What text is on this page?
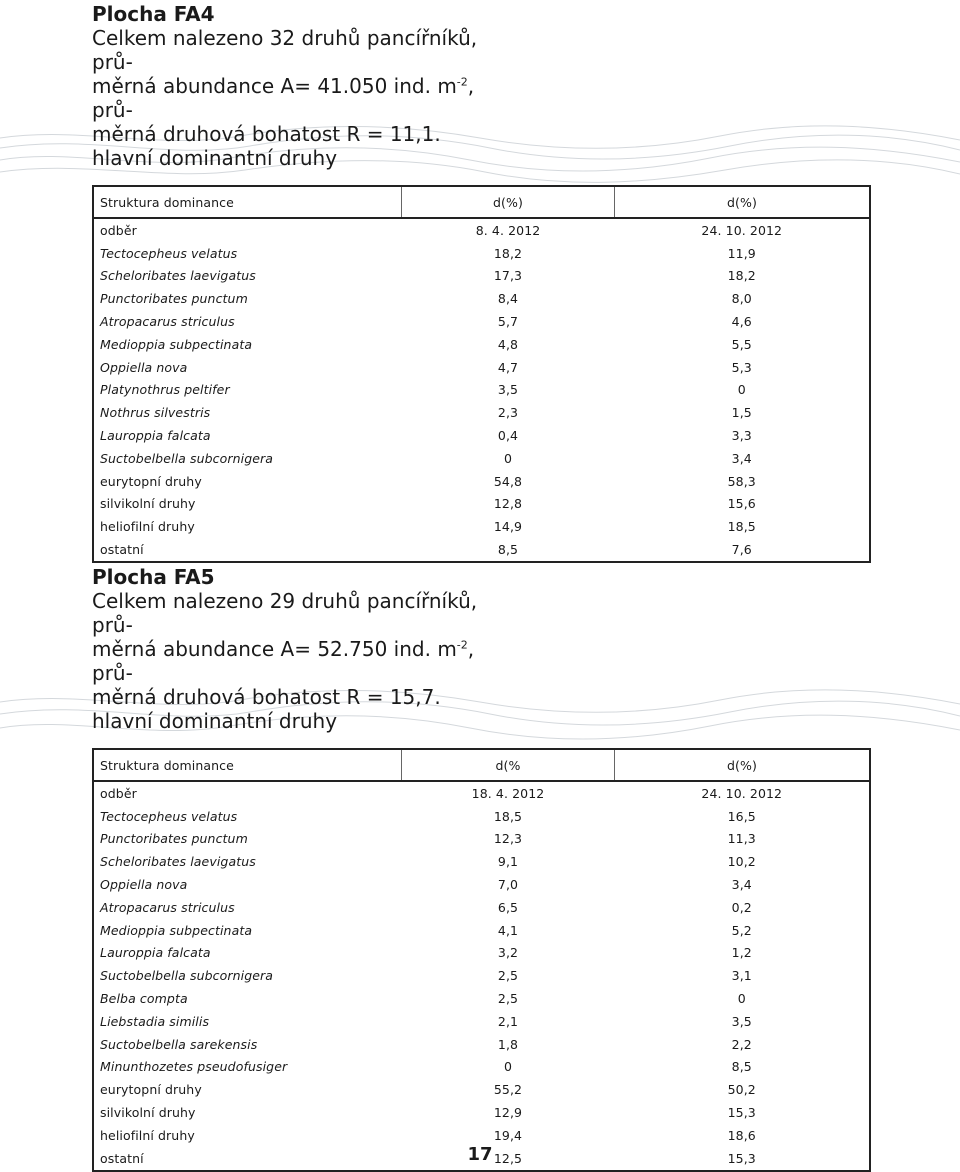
Plocha FA4

Celkem nalezeno 32 druhů pancířníků, prů-
měrná abundance A= 41.050 ind. $m^{-2}$, prů-
měrná druhová bohatost R = 11,1.
hlavní dominantní druhy

Struktura dominance	d(%)	d(%)
odběr	8. 4. 2012	24. 10. 2012
Tectocepheus velatus	18,2	11,9
Scheloribates laevigatus	17,3	18,2
Punctoribates punctum	8,4	8,0
Atropacarus striculus	5,7	4,6
Medioppia subpectinata	4,8	5,5
Oppiella nova	4,7	5,3
Platynothrus peltifer	3,5	0
Nothrus silvestris	2,3	1,5
Lauroppia falcata	0,4	3,3
Suctobelbella subcornigera	0	3,4
eurytopní druhy	54,8	58,3
silvikolní druhy	12,8	15,6
heliofilní druhy	14,9	18,5
ostatní	8,5	7,6
Plocha FA5

Celkem nalezeno 29 druhů pancířníků, prů-
měrná abundance A= 52.750 ind. $m^{-2}$, prů-
měrná druhová bohatost R = 15,7.
hlavní dominantní druhy

Struktura dominance	d(%	d(%)
odběr	18. 4. 2012	24. 10. 2012
Tectocepheus velatus	18,5	16,5
Punctoribates punctum	12,3	11,3
Scheloribates laevigatus	9,1	10,2
Oppiella nova	7,0	3,4
Atropacarus striculus	6,5	0,2
Medioppia subpectinata	4,1	5,2
Lauroppia falcata	3,2	1,2
Suctobelbella subcornigera	2,5	3,1
Belba compta	2,5	0
Liebstadia similis	2,1	3,5
Suctobelbella sarekensis	1,8	2,2
Minunthozetes pseudofusiger	0	8,5
eurytopní druhy	55,2	50,2
silvikolní druhy	12,9	15,3
heliofilní druhy	19,4	18,6
ostatní	12,5	15,3
17
